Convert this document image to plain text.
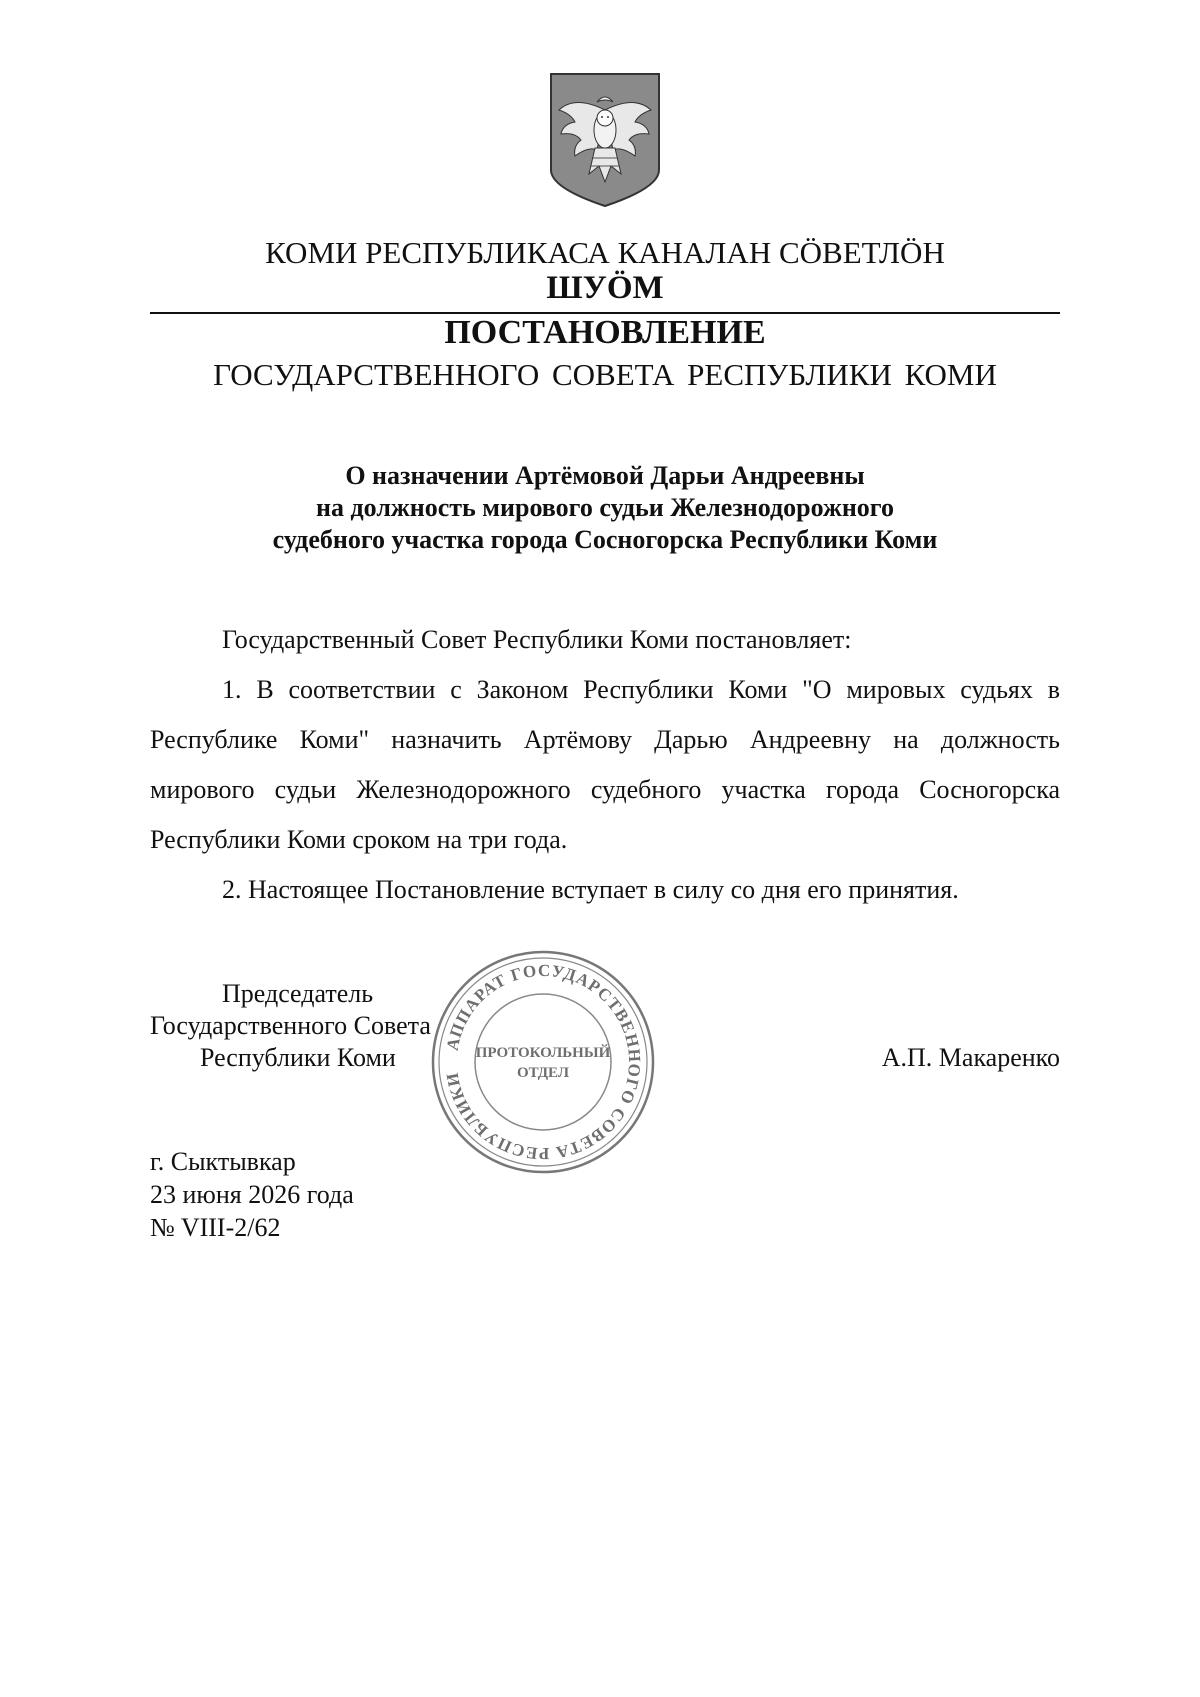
КОМИ РЕСПУБЛИКАСА КАНАЛАН СÖВЕТЛÖН
ШУÖМ
ПОСТАНОВЛЕНИЕ
ГОСУДАРСТВЕННОГО СОВЕТА РЕСПУБЛИКИ КОМИ
О назначении Артёмовой Дарьи Андреевны
на должность мирового судьи Железнодорожного
судебного участка города Сосногорска Республики Коми

Государственный Совет Республики Коми постановляет:

1. В соответствии с Законом Республики Коми "О мировых судьях в Республике Коми" назначить Артёмову Дарью Андреевну на должность мирового судьи Железнодорожного судебного участка города Сосногорска Республики Коми сроком на три года.

2. Настоящее Постановление вступает в силу со дня его принятия.

АППАРАТ ГОСУДАРСТВЕННОГО СОВЕТА РЕСПУБЛИКИ
ПРОТОКОЛЬНЫЙ
ОТДЕЛ
Председатель
Государственного Совета
Республики Коми	А.П. Макаренко
г. Сыктывкар
23 июня 2026 года
№ VIII-2/62
